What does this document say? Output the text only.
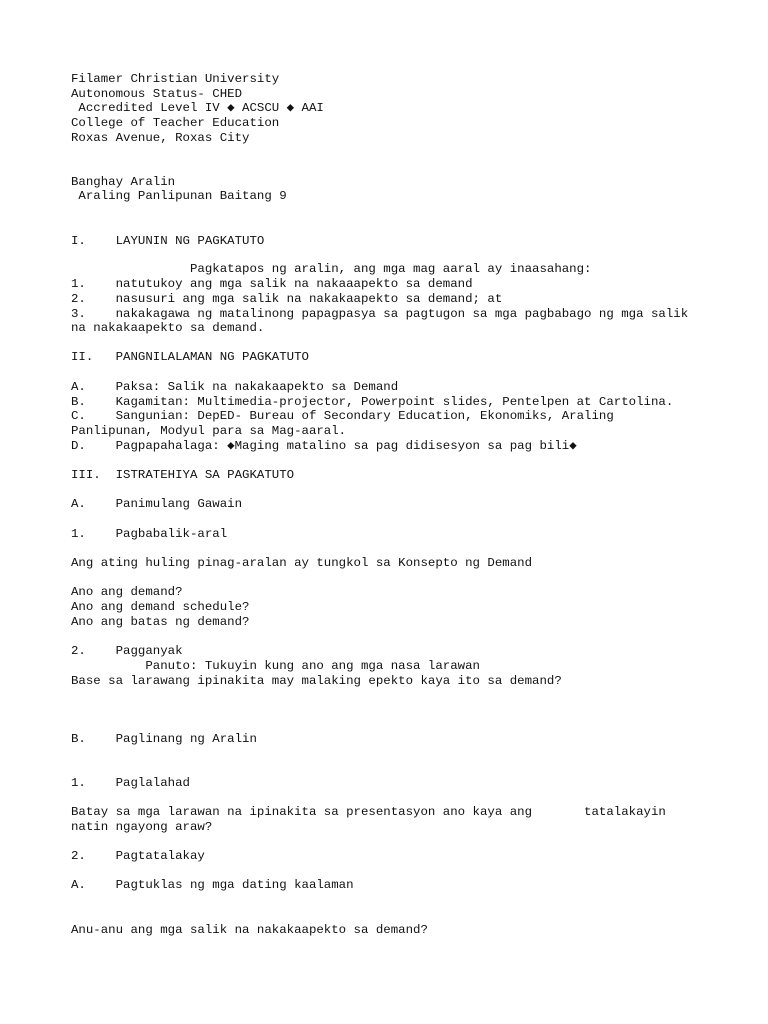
Filamer Christian University
Autonomous Status- CHED
Accredited Level IV ◆ ACSCU ◆ AAI
College of Teacher Education
Roxas Avenue, Roxas City
Banghay Aralin
Araling Panlipunan Baitang 9
I.    LAYUNIN NG PAGKATUTO
Pagkatapos ng aralin, ang mga mag aaral ay inaasahang:
1.    natutukoy ang mga salik na nakaaapekto sa demand
2.    nasusuri ang mga salik na nakakaapekto sa demand; at
3.    nakakagawa ng matalinong papagpasya sa pagtugon sa mga pagbabago ng mga salik
na nakakaapekto sa demand.
II.   PANGNILALAMAN NG PAGKATUTO
A.    Paksa: Salik na nakakaapekto sa Demand
B.    Kagamitan: Multimedia-projector, Powerpoint slides, Pentelpen at Cartolina.
C.    Sangunian: DepED- Bureau of Secondary Education, Ekonomiks, Araling
Panlipunan, Modyul para sa Mag-aaral.
D.    Pagpapahalaga: ◆Maging matalino sa pag didisesyon sa pag bili◆
III.  ISTRATEHIYA SA PAGKATUTO
A.    Panimulang Gawain
1.    Pagbabalik-aral
Ang ating huling pinag-aralan ay tungkol sa Konsepto ng Demand
Ano ang demand?
Ano ang demand schedule?
Ano ang batas ng demand?
2.    Pagganyak
Panuto: Tukuyin kung ano ang mga nasa larawan
Base sa larawang ipinakita may malaking epekto kaya ito sa demand?
B.    Paglinang ng Aralin
1.    Paglalahad
Batay sa mga larawan na ipinakita sa presentasyon ano kaya ang       tatalakayin
natin ngayong araw?
2.    Pagtatalakay
A.    Pagtuklas ng mga dating kaalaman
Anu-anu ang mga salik na nakakaapekto sa demand?
